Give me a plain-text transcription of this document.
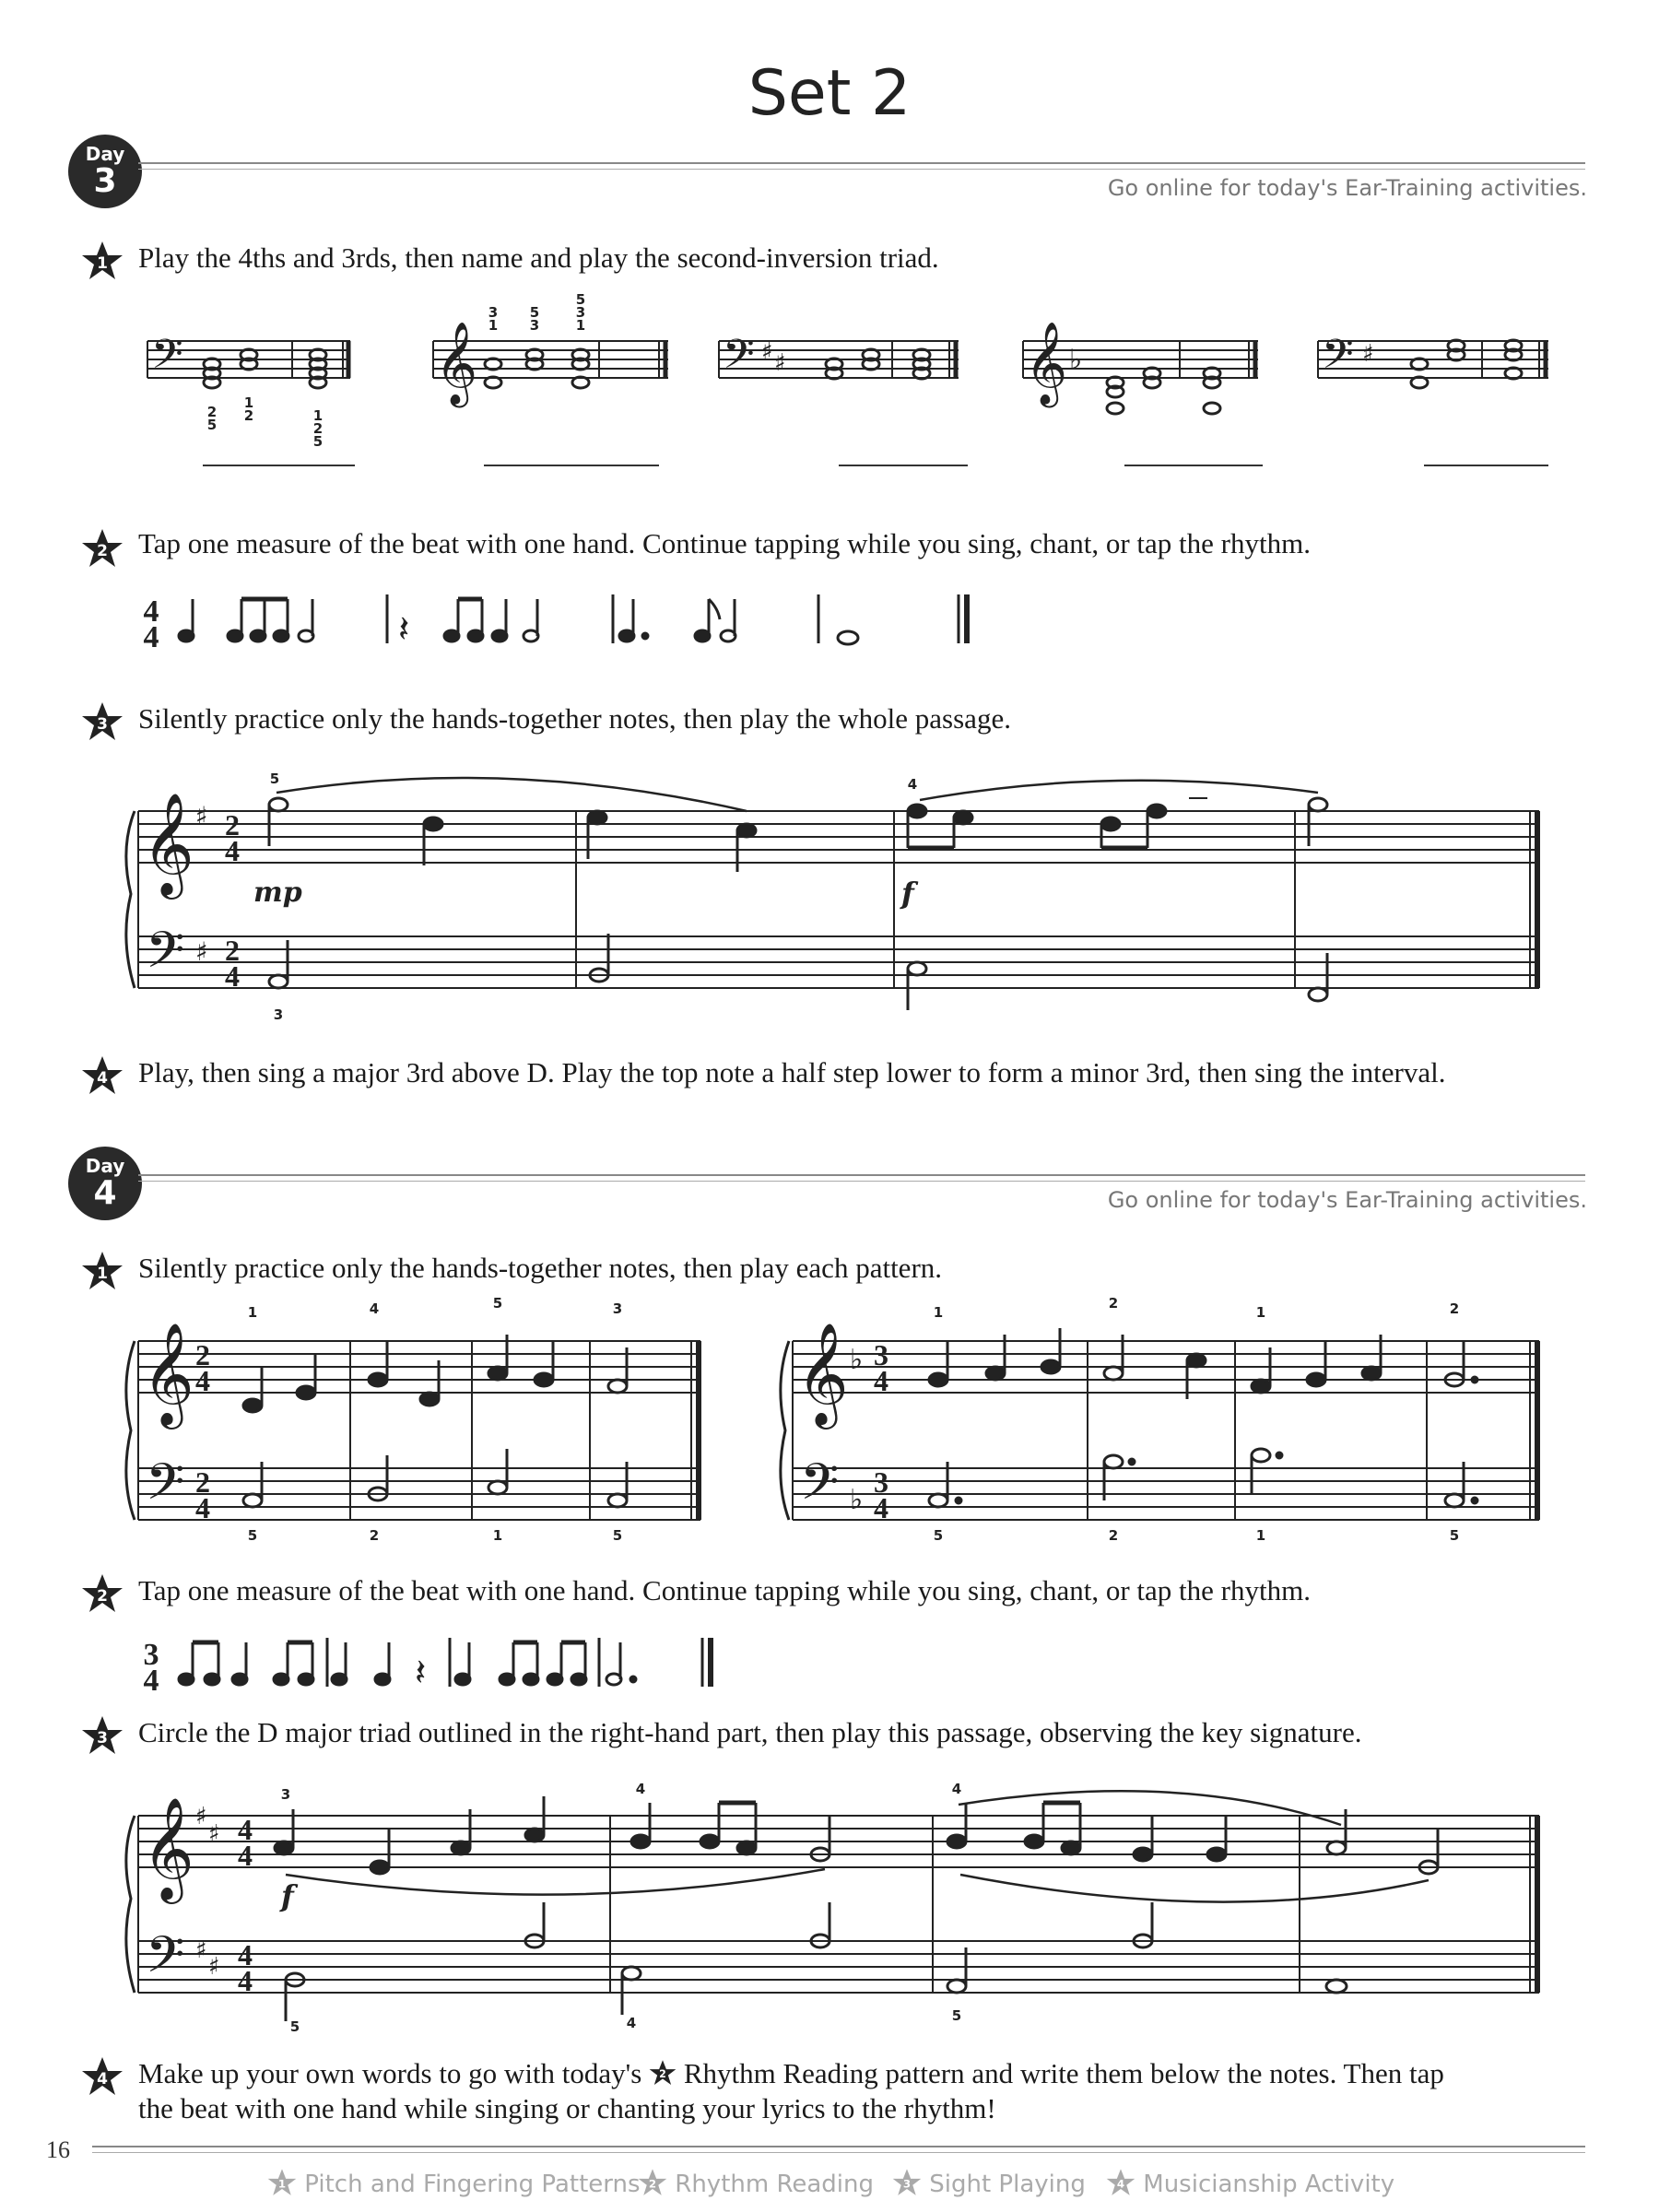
Set 2
Day
3	Go online for today's Ear-Training activities.
1 Play the 4ths and 3rds, then name and play the second-inversion triad.
𝄢	𝄞	𝄢 ♯ ♯	𝄞 ♭	𝄢 ♯
2
5
1
2	1
2
5
3
1
5
3
5
3
1
2 Tap one measure of the beat with one hand. Continue tapping while you sing, chant, or tap the rhythm.
4
4	𝄽
3 Silently practice only the hands-together notes, then play the whole passage.
𝄞
𝄢
♯
♯
2
4
2
4
5	4
3
mp	f
4 Play, then sing a major 3rd above D. Play the top note a half step lower to form a minor 3rd, then sing the interval.
Day
4	Go online for today's Ear-Training activities.
1 Silently practice only the hands-together notes, then play each pattern.
𝄞
𝄢
𝄞
𝄢
♭
♭
2
4
2
4
3
4
3
4
1	4	5	3
5	2	1	5
1
2
1	2
5	2	1	5
2 Tap one measure of the beat with one hand. Continue tapping while you sing, chant, or tap the rhythm.
3
4	𝄽
3 Circle the D major triad outlined in the right-hand part, then play this passage, observing the key signature.
𝄞
𝄢
♯
♯
♯
♯
4
4
4
4
3	4	4
5	4	5
f
4 Make up your own words to go with today's 2 Rhythm Reading pattern and write them below the notes. Then tap
the beat with one hand while singing or chanting your lyrics to the rhythm!
16
1 Pitch and Fingering Patterns 2 Rhythm Reading 3 Sight Playing 4 Musicianship Activity
